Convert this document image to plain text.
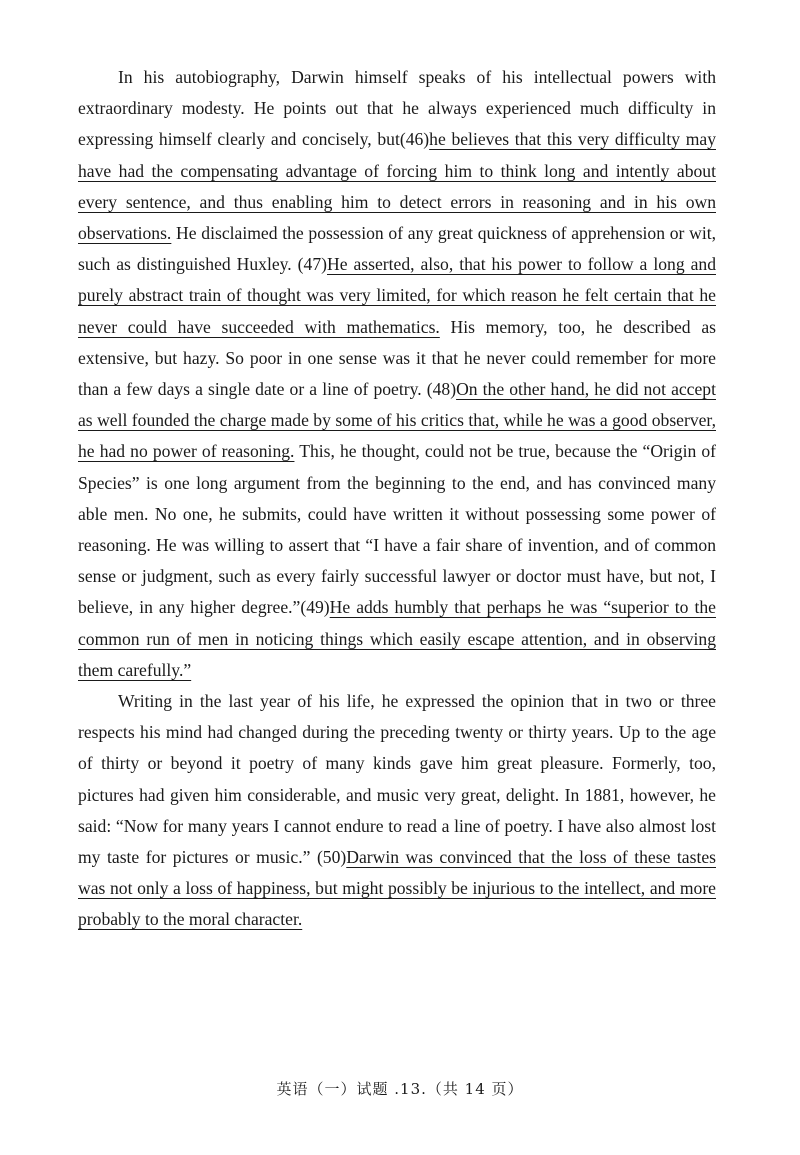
In his autobiography, Darwin himself speaks of his intellectual powers with extraordinary modesty. He points out that he always experienced much difficulty in expressing himself clearly and concisely, but(46)he believes that this very difficulty may have had the compensating advantage of forcing him to think long and intently about every sentence, and thus enabling him to detect errors in reasoning and in his own observations. He disclaimed the possession of any great quickness of apprehension or wit, such as distinguished Huxley. (47)He asserted, also, that his power to follow a long and purely abstract train of thought was very limited, for which reason he felt certain that he never could have succeeded with mathematics. His memory, too, he described as extensive, but hazy. So poor in one sense was it that he never could remember for more than a few days a single date or a line of poetry. (48)On the other hand, he did not accept as well founded the charge made by some of his critics that, while he was a good observer, he had no power of reasoning. This, he thought, could not be true, because the “Origin of Species” is one long argument from the beginning to the end, and has convinced many able men. No one, he submits, could have written it without possessing some power of reasoning. He was willing to assert that “I have a fair share of invention, and of common sense or judgment, such as every fairly successful lawyer or doctor must have, but not, I believe, in any higher degree.”(49)He adds humbly that perhaps he was “superior to the common run of men in noticing things which easily escape attention, and in observing them carefully.”

Writing in the last year of his life, he expressed the opinion that in two or three respects his mind had changed during the preceding twenty or thirty years. Up to the age of thirty or beyond it poetry of many kinds gave him great pleasure. Formerly, too, pictures had given him considerable, and music very great, delight. In 1881, however, he said: “Now for many years I cannot endure to read a line of poetry. I have also almost lost my taste for pictures or music.” (50)Darwin was convinced that the loss of these tastes was not only a loss of happiness, but might possibly be injurious to the intellect, and more probably to the moral character.

英语（一）试题 .13.（共 14 页）
